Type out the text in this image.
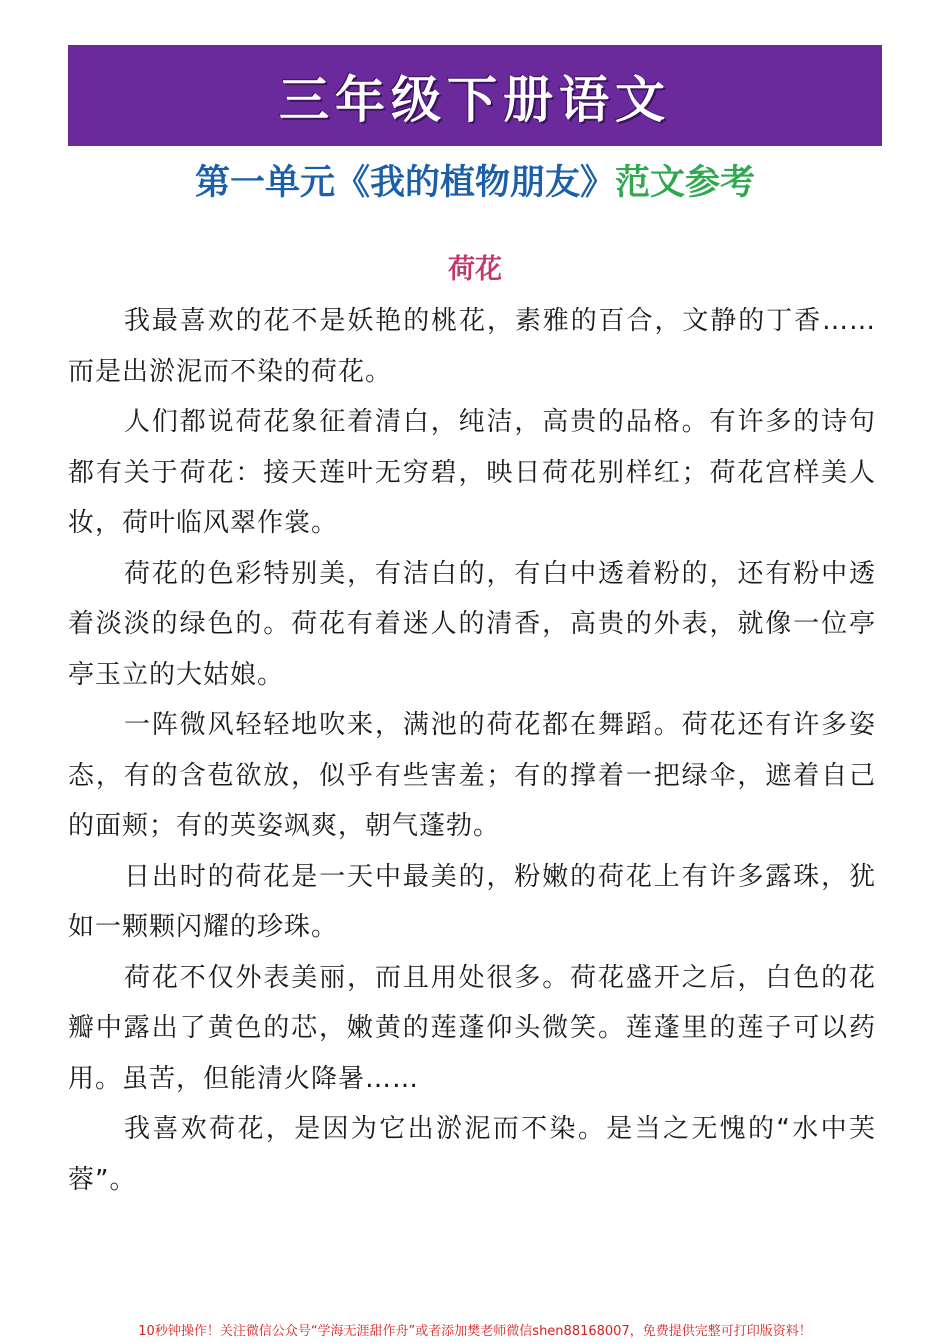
三年级下册语文
第一单元《我的植物朋友》范文参考
荷花

我最喜欢的花不是妖艳的桃花，素雅的百合，文静的丁香……而是出淤泥而不染的荷花。

人们都说荷花象征着清白，纯洁，高贵的品格。有许多的诗句都有关于荷花：接天莲叶无穷碧，映日荷花别样红；荷花宫样美人妆，荷叶临风翠作裳。

荷花的色彩特别美，有洁白的，有白中透着粉的，还有粉中透着淡淡的绿色的。荷花有着迷人的清香，高贵的外表，就像一位亭亭玉立的大姑娘。

一阵微风轻轻地吹来，满池的荷花都在舞蹈。荷花还有许多姿态，有的含苞欲放，似乎有些害羞；有的撑着一把绿伞，遮着自己的面颊；有的英姿飒爽，朝气蓬勃。

日出时的荷花是一天中最美的，粉嫩的荷花上有许多露珠，犹如一颗颗闪耀的珍珠。

荷花不仅外表美丽，而且用处很多。荷花盛开之后，白色的花瓣中露出了黄色的芯，嫩黄的莲蓬仰头微笑。莲蓬里的莲子可以药用。虽苦，但能清火降暑……

我喜欢荷花，是因为它出淤泥而不染。是当之无愧的“水中芙蓉”。

10秒钟操作！关注微信公众号“学海无涯甜作舟”或者添加樊老师微信shen88168007，免费提供完整可打印版资料！
